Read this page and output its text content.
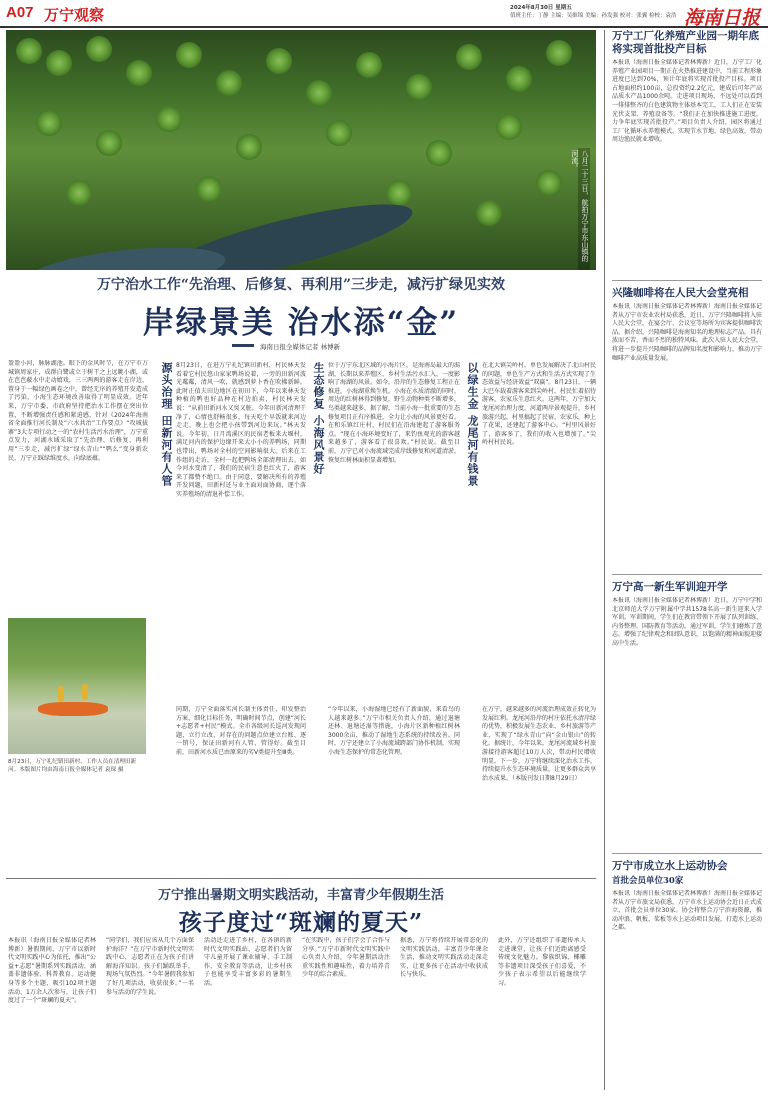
A07 万宁观察	2024年8月30日 星期五
值班主任：丁静 主编：吴维锦 美编：孙发强 校对：张翼 检校：袁浩 海南日报
八月二十三日，航拍万宁市东山镇的河流。
万宁治水工作“先治理、后修复、再利用”三步走，减污扩绿见实效
岸绿景美 治水添“金”
海南日报全媒体记者 林博新
盈盈小河，脉脉湖池。眼下的金风时节，在万宁市万城镇周家庄，成群白鹭或立于树干之上远眺小湖，或在芭芭蔽水中走动嬉戏，三三两两的游客走在岸边，置身于一幅绿色画卷之中，曾经无序的养殖开发造成了污染，小海生态环境改善取得了明显成效。近年来，万宁市委、市政府坚持把治水工作摆在突出位置，不断增强责任感和紧迫感，针对《2024年海南省全面推行河长制及“六水共治”工作要点》“攻城拔寨”3大专项行动之一的“农村生活污水治理”，万宁重点发力，河湖水域采取了“先治理、后修复、再利用”三步走，减污扩绿“绿水青山”“鸭么”变身新农民，万宁正踩绿维度水，向绿底蕴。
8月23日，万宁礼纪镇田新村，工作人员在清理田新河。本版图片均由海南日报全媒体记者 袁琛 摄
源头治理 田新河有人管 8月23日，在进万宁礼纪镇田新村，村民林天发看着它村民悠山家家鸭场说着，一旁的田新河波光粼粼，清风一吹，就感到萝卜香在吹拂新鲜。此时正值夫田边地区在初田下，今年以来林天发种植的鸭也好品种在村边拍卖，村民林天发说：“从前田新河水又臭又脏。今年田新河清理干净了，心情也舒畅很多，每天吃个早饭就来河边走走，晚上也会把小孩带到河边来玩。”林天发说。今年初，日月湾溪区的民宿老板来大堰村，满足河内的保护边缘开来大小小的养鸭场，同期也带出，鸭场对全村的空间影响很大。后来在工作组的走访，全村一起把鸭场全部清理出去。如今河水变清了，我们的民宿生意也红火了，游客来了都赞不绝口。由于同意，要解决所有的养殖开发问题，田新村还与业主面对面协商，逐个落实养殖场的清退补偿工作。
同期，万宁全面落实河长制主体责任，印发整治方案，细化目标任务，明确时间节点，创建“河长+志愿者+村民”模式。全市各级河长巡河发现问题，立行立改，对存在的问题点位建立台账、逐一销号，保证田新河有人管、管得好。截至目前，田新河水质已由原来的劣Ⅴ类提升至Ⅲ类。
生态修复 小海风景好 位于万宁东北区域的小海片区，是海南岛最大的潟湖，长期以来养殖区、乡村生活污水汇入，一度影响了海湖的风景。如今，沿岸的生态修复工程正在推进，小海湖重焕生机。小海在水质清澈的同时，周边的红树林得到修复，野生动物种类不断增多，鸟类越来越多，据了解，当前小海一批重要的生态修复项目正有序推进，全力让小海的风景更好看。在和乐镇红庄村，村民们在沿海建起了游客服务点。“现在小海环境变好了，来钓鱼观光的游客越来越多了，游客看了很喜欢。”村民说。截至目前，万宁已对小海流域完成岸线修复和河道清淤，恢复红树林面积显著增加。
“今年以来，小海湿地已经有了新面貌，来看鸟的人越来越多。”万宁市相关负责人介绍，通过退塘还林、退塘还湿等措施，小海片区新种植红树林3000余亩，推动了湿地生态系统的持续改善。同时，万宁还建立了小海流域跨部门协作机制，实现小海生态保护的常态化管理。
以绿生金 龙尾河有钱景 在北大镇尖岭村，单色发展解决了北山村民的问题，单色生产方式和生活方式实现了生态效益与经济效益“双赢”。8月23日，一辆大巴车载着游客来到尖岭村，村民忙着招待游客，农家乐生意红火。这两年，万宁加大龙尾河治理力度，河道两岸景观提升，乡村旅游兴起。村里搞起了民宿、农家乐，种上了花果，还建起了游客中心。“村里风景好了，游客多了，我们的收入也增加了。”尖岭村村民说。
在万宁，越来越多的河流治理成效正转化为发展红利。龙尾河沿岸的村庄依托水清岸绿的优势，积极发展生态农业、乡村旅游等产业，实现了“绿水青山”向“金山银山”的转化。据统计，今年以来，龙尾河流域乡村旅游接待游客超过10万人次，带动村民增收明显。下一步，万宁将继续深化治水工作，持续提升水生态环境质量，让更多群众共享治水成果。（本版刊发日期8月29日）
万宁工厂化养殖产业园一期年底将实现首批投产目标
本报讯（海南日报全媒体记者林博新）近日，万宁工厂化养殖产业园项目一期正在火热推进建设中，当前工程形象进度已达到70%，预计年底将实现首批投产目标。项目占地面积约100亩，总投资约2.2亿元，建成后可年产高品质水产品1000余吨。走进项目现场，不远处可以看到一排排整齐的白色建筑物主体基本完工，工人们正在安装光伏支架、养殖设备等。“我们正在加快推进施工进度，力争年底实现首批投产。”项目负责人介绍，园区将通过工厂化循环水养殖模式，实现节水节地、绿色高效，带动周边渔民就业增收。
兴隆咖啡将在人民大会堂亮相
本报讯（海南日报全媒体记者林博新）海南日报全媒体记者从万宁市农业农村局获悉，近日，万宁兴隆咖啡将入驻人民大会堂，在宴会厅、会议室等场所为宾客提供咖啡饮品。据介绍，兴隆咖啡是海南知名的地理标志产品，具有浓而不苦、香而不烈的独特风味。此次入驻人民大会堂，将进一步提升兴隆咖啡的品牌知名度和影响力，推动万宁咖啡产业高质量发展。
万宁高一新生军训迎开学
本报讯（海南日报全媒体记者林博新）近日，万宁中学和北京师范大学万宁附属中学共1578名高一新生迎来入学军训。军训期间，学生们在教官带领下开展了队列训练、内务整理、国防教育等活动。通过军训，学生们磨炼了意志，增强了纪律观念和团队意识，以饱满的精神面貌迎接高中生活。
万宁市成立水上运动协会
首批会员单位30家
本报讯（海南日报全媒体记者林博新）海南日报全媒体记者从万宁市旅文局获悉，万宁市水上运动协会近日正式成立，首批会员单位30家。协会将整合万宁滨海资源，推动冲浪、帆板、桨板等水上运动项目发展，打造水上运动之都。
万宁推出暑期文明实践活动，丰富青少年假期生活
孩子度过“斑斓的夏天”
本报讯（海南日报全媒体记者林博新）暑假期间，万宁市以新时代文明实践中心为依托，推出“公益+志愿”暑期系列实践活动，涵盖非遗体验、科普教育、运动健身等多个主题，吸引102项主题活动、1万余人次参与，让孩子们度过了一个“斑斓的夏天”。
“同学们，我们应该从几个方面保护海洋？”在万宁市新时代文明实践中心，志愿者正在为孩子们讲解海洋知识。孩子们踊跃举手，现场气氛热烈。“今年暑假我参加了好几项活动，收获很多。”一名参与活动的学生说。
活动还走进了乡村，在各镇的新时代文明实践站，志愿者们为留守儿童开展了课业辅导、手工制作、安全教育等活动，让乡村孩子也能享受丰富多彩的暑期生活。
“在实践中，孩子们学会了合作与分享。”万宁市新时代文明实践中心负责人介绍，今年暑期活动注重实践性和趣味性，着力培养青少年的综合素质。
据悉，万宁将持续开展常态化的文明实践活动，丰富青少年课余生活，推动文明实践活动走深走实，让更多孩子在活动中收获成长与快乐。
此外，万宁还组织了非遗传承人走进课堂，让孩子们近距离感受传统文化魅力。黎族织锦、椰雕等非遗项目深受孩子们喜爱，不少孩子表示希望以后能继续学习。
